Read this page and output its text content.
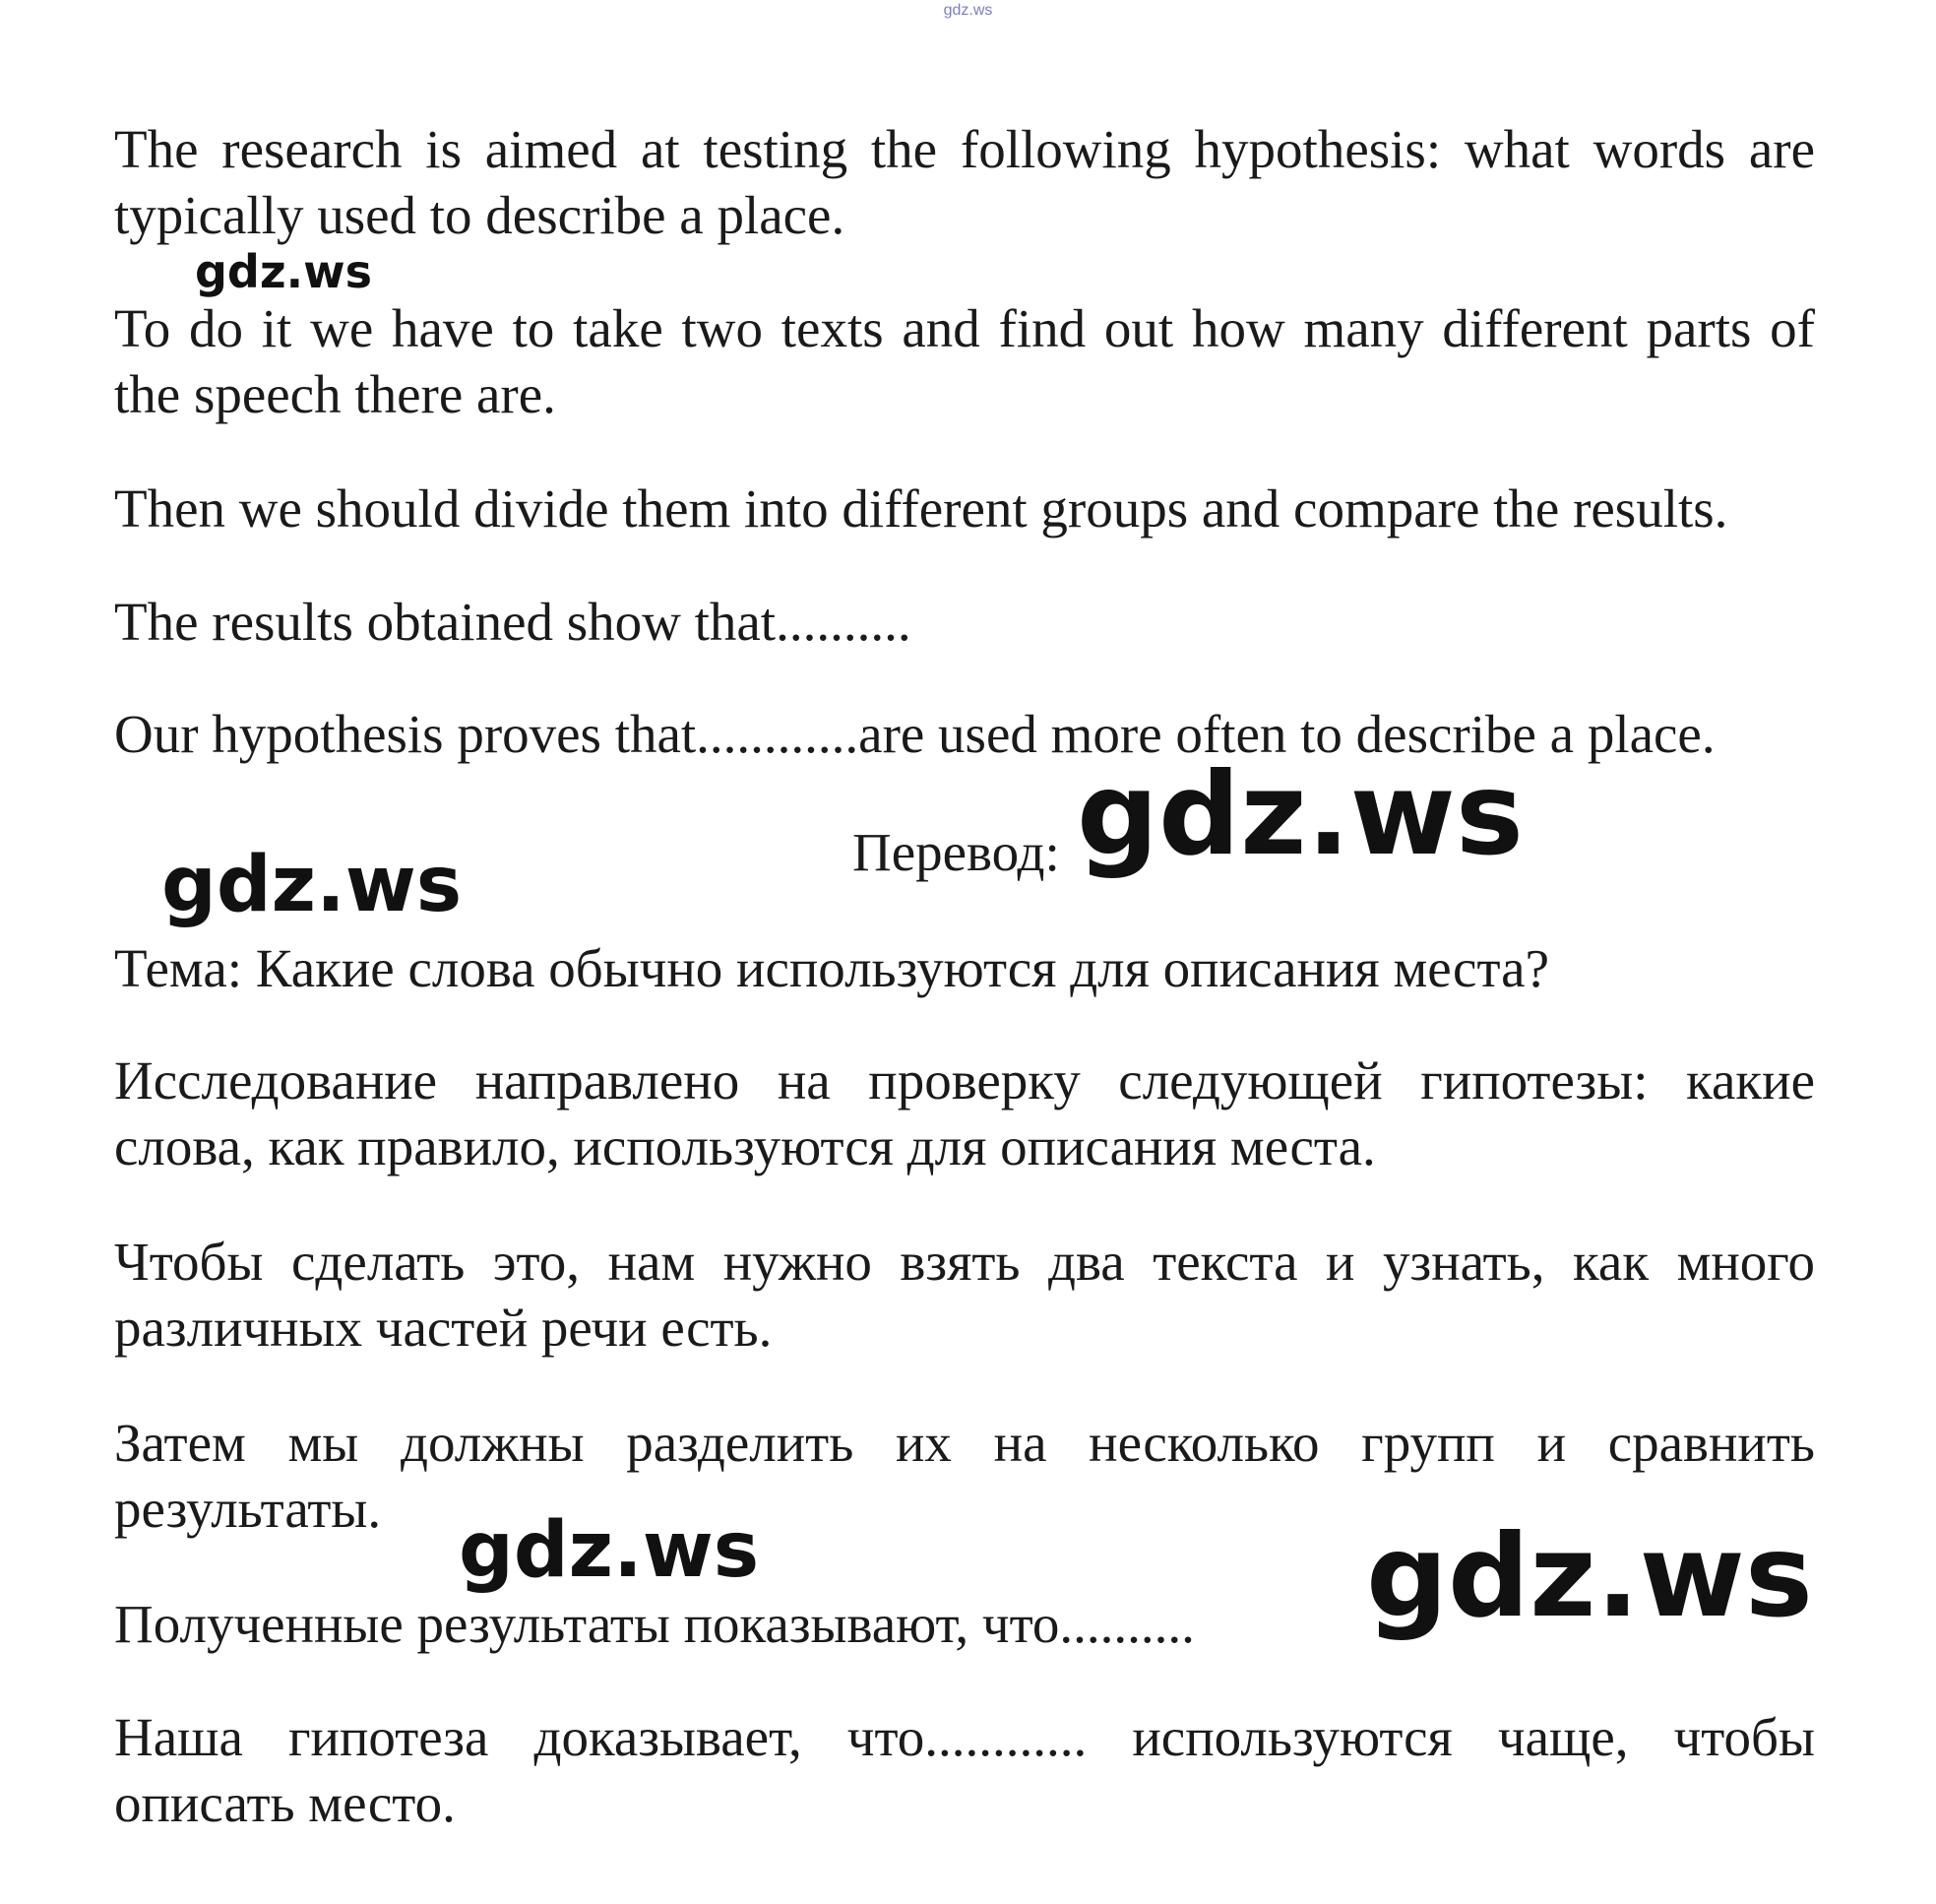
gdz.ws

The research is aimed at testing the following hypothesis: what words are typically used to describe a place.

To do it we have to take two texts and find out how many different parts of the speech there are.

Then we should divide them into different groups and compare the results.

The results obtained show that..........

Our hypothesis proves that............are used more often to describe a place.

Перевод:

Тема: Какие слова обычно используются для описания места?

Исследование направлено на проверку следующей гипотезы: какие слова, как правило, используются для описания места.

Чтобы сделать это, нам нужно взять два текста и узнать, как много различных частей речи есть.

Затем мы должны разделить их на несколько групп и сравнить результаты.

Полученные результаты показывают, что..........

Наша гипотеза доказывает, что............ используются чаще, чтобы описать место.

gdz.ws
gdz.ws
gdz.ws
gdz.ws	gdz.ws
